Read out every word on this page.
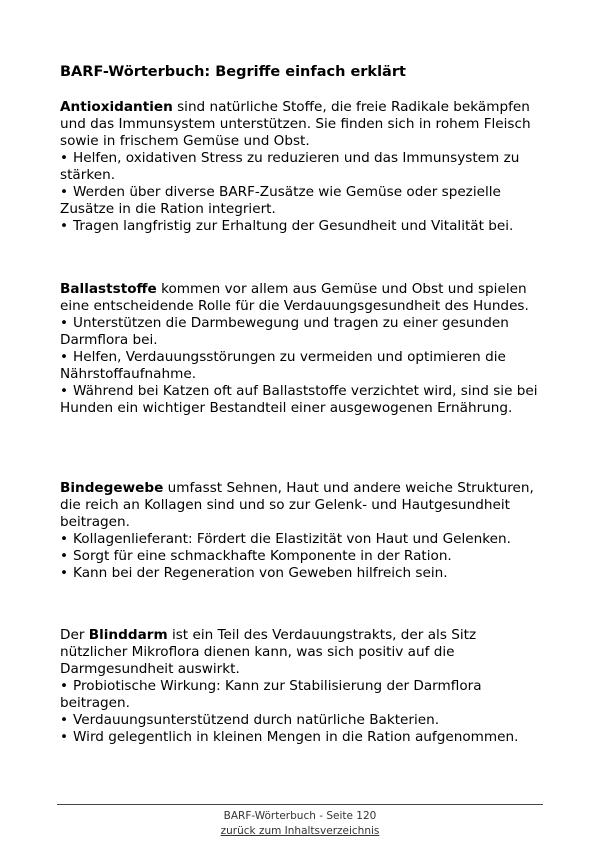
BARF-Wörterbuch: Begriffe einfach erklärt

Antioxidantien sind natürliche Stoffe, die freie Radikale bekämpfen und das Immunsystem unterstützen. Sie finden sich in rohem Fleisch sowie in frischem Gemüse und Obst.

• Helfen, oxidativen Stress zu reduzieren und das Immunsystem zu stärken.

• Werden über diverse BARF-Zusätze wie Gemüse oder spezielle Zusätze in die Ration integriert.

• Tragen langfristig zur Erhaltung der Gesundheit und Vitalität bei.

Ballaststoffe kommen vor allem aus Gemüse und Obst und spielen eine entscheidende Rolle für die Verdauungsgesundheit des Hundes.

• Unterstützen die Darmbewegung und tragen zu einer gesunden Darmflora bei.

• Helfen, Verdauungsstörungen zu vermeiden und optimieren die Nährstoffaufnahme.

• Während bei Katzen oft auf Ballaststoffe verzichtet wird, sind sie bei Hunden ein wichtiger Bestandteil einer ausgewogenen Ernährung.

Bindegewebe umfasst Sehnen, Haut und andere weiche Strukturen, die reich an Kollagen sind und so zur Gelenk- und Hautgesundheit beitragen.

• Kollagenlieferant: Fördert die Elastizität von Haut und Gelenken.

• Sorgt für eine schmackhafte Komponente in der Ration.

• Kann bei der Regeneration von Geweben hilfreich sein.

Der Blinddarm ist ein Teil des Verdauungstrakts, der als Sitz nützlicher Mikroflora dienen kann, was sich positiv auf die Darmgesundheit auswirkt.

• Probiotische Wirkung: Kann zur Stabilisierung der Darmflora beitragen.

• Verdauungsunterstützend durch natürliche Bakterien.

• Wird gelegentlich in kleinen Mengen in die Ration aufgenommen.

BARF-Wörterbuch - Seite 120
zurück zum Inhaltsverzeichnis
